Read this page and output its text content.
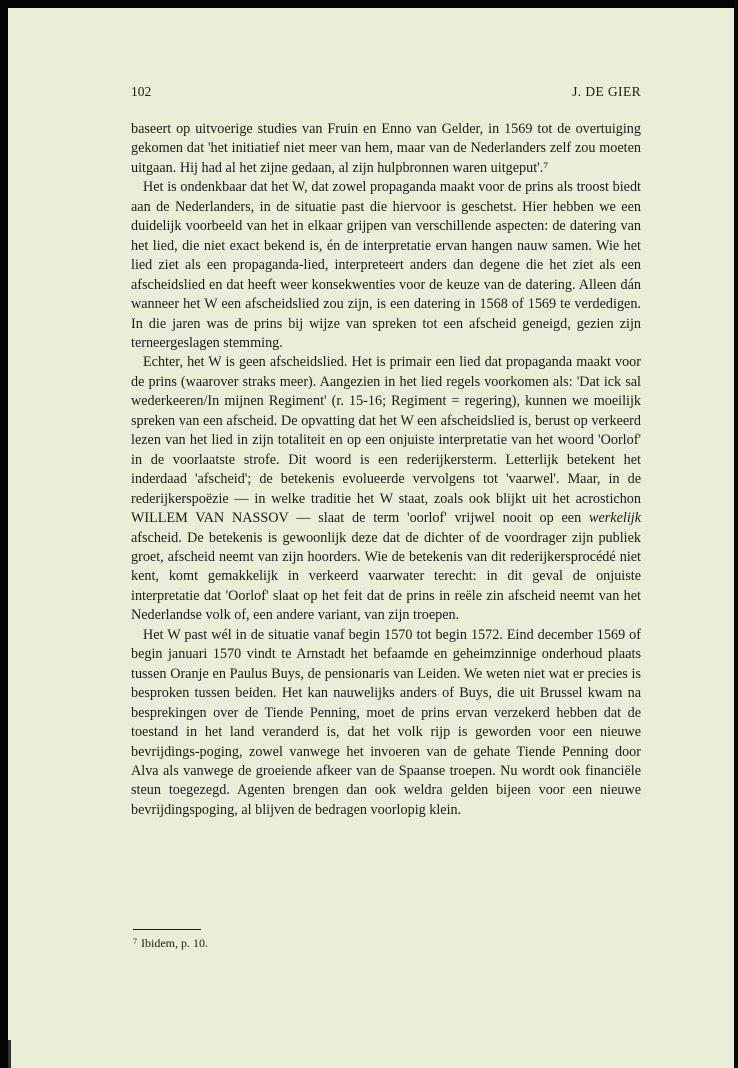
102	J. DE GIER

baseert op uitvoerige studies van Fruin en Enno van Gelder, in 1569 tot de overtuiging gekomen dat 'het initiatief niet meer van hem, maar van de Nederlanders zelf zou moeten uitgaan. Hij had al het zijne gedaan, al zijn hulpbronnen waren uitgeput'.⁷

Het is ondenkbaar dat het W, dat zowel propaganda maakt voor de prins als troost biedt aan de Nederlanders, in de situatie past die hiervoor is geschetst. Hier hebben we een duidelijk voorbeeld van het in elkaar grijpen van verschillende aspecten: de datering van het lied, die niet exact bekend is, én de interpretatie ervan hangen nauw samen. Wie het lied ziet als een propaganda-lied, interpreteert anders dan degene die het ziet als een afscheidslied en dat heeft weer konsekwenties voor de keuze van de datering. Alleen dán wanneer het W een afscheidslied zou zijn, is een datering in 1568 of 1569 te verdedigen. In die jaren was de prins bij wijze van spreken tot een afscheid geneigd, gezien zijn terneergeslagen stemming.

Echter, het W is geen afscheidslied. Het is primair een lied dat propaganda maakt voor de prins (waarover straks meer). Aangezien in het lied regels voorkomen als: 'Dat ick sal wederkeeren/In mijnen Regiment' (r. 15-16; Regiment = regering), kunnen we moeilijk spreken van een afscheid. De opvatting dat het W een afscheidslied is, berust op verkeerd lezen van het lied in zijn totaliteit en op een onjuiste interpretatie van het woord 'Oorlof' in de voorlaatste strofe. Dit woord is een rederijkersterm. Letterlijk betekent het inderdaad 'afscheid'; de betekenis evolueerde vervolgens tot 'vaarwel'. Maar, in de rederijkerspoëzie — in welke traditie het W staat, zoals ook blijkt uit het acrostichon WILLEM VAN NASSOV — slaat de term 'oorlof' vrijwel nooit op een werkelijk afscheid. De betekenis is gewoonlijk deze dat de dichter of de voordrager zijn publiek groet, afscheid neemt van zijn hoorders. Wie de betekenis van dit rederijkersprocédé niet kent, komt gemakkelijk in verkeerd vaarwater terecht: in dit geval de onjuiste interpretatie dat 'Oorlof' slaat op het feit dat de prins in reële zin afscheid neemt van het Nederlandse volk of, een andere variant, van zijn troepen.

Het W past wél in de situatie vanaf begin 1570 tot begin 1572. Eind december 1569 of begin januari 1570 vindt te Arnstadt het befaamde en geheimzinnige onderhoud plaats tussen Oranje en Paulus Buys, de pensionaris van Leiden. We weten niet wat er precies is besproken tussen beiden. Het kan nauwelijks anders of Buys, die uit Brussel kwam na besprekingen over de Tiende Penning, moet de prins ervan verzekerd hebben dat de toestand in het land veranderd is, dat het volk rijp is geworden voor een nieuwe bevrijdings-poging, zowel vanwege het invoeren van de gehate Tiende Penning door Alva als vanwege de groeiende afkeer van de Spaanse troepen. Nu wordt ook financiële steun toegezegd. Agenten brengen dan ook weldra gelden bijeen voor een nieuwe bevrijdingspoging, al blijven de bedragen voorlopig klein.

$^7$ Ibidem, p. 10.
